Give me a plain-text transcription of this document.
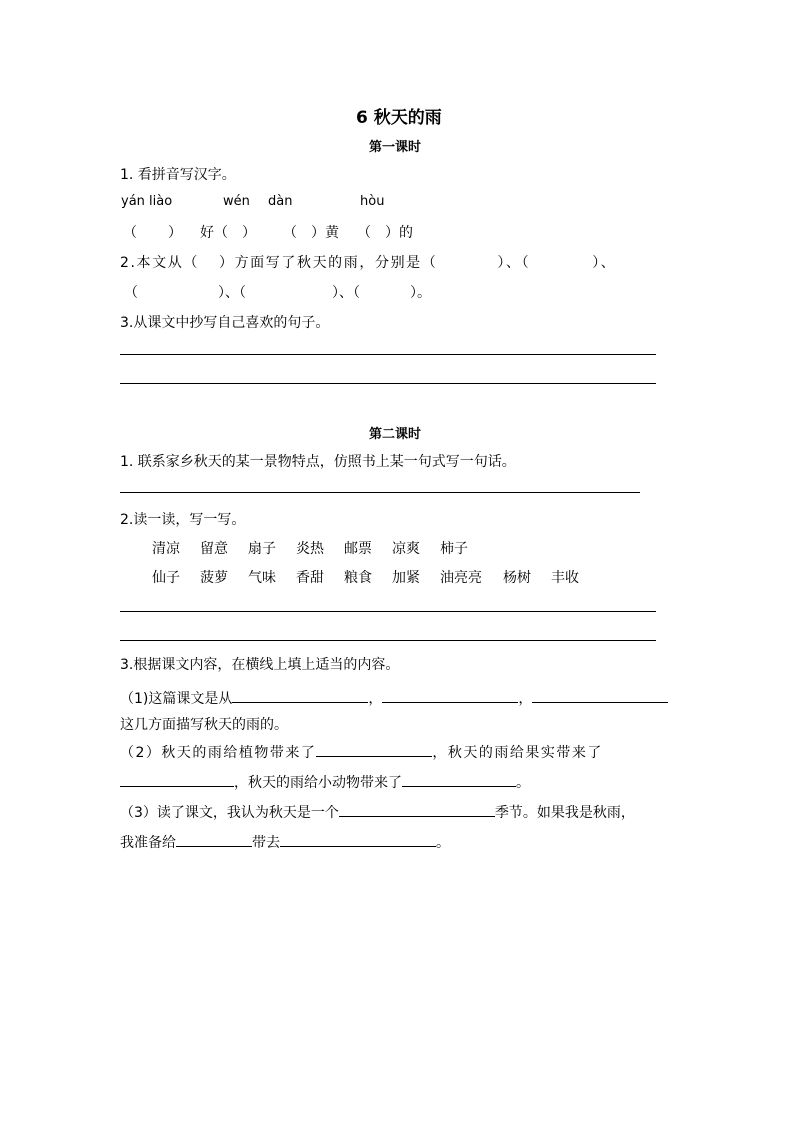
6 秋天的雨
第一课时
1. 看拼音写汉字。
yán liào	wén dàn	hòu
（　　） 好（　） （　）黄 （　）的
2.本文从（ ）方面写了秋天的雨，分别是（	）、（	）、
（	）、（	）、（	）。
3.从课文中抄写自己喜欢的句子。
第二课时
1. 联系家乡秋天的某一景物特点，仿照书上某一句式写一句话。
2.读一读，写一写。
清凉 留意 扇子 炎热 邮票 凉爽 柿子
仙子 菠萝 气味 香甜 粮食 加紧 油亮亮 杨树 丰收
3.根据课文内容，在横线上填上适当的内容。
（1)这篇课文是从	，	，
这几方面描写秋天的雨的。
（2）秋天的雨给植物带来了	，秋天的雨给果实带来了
，秋天的雨给小动物带来了	。
（3）读了课文，我认为秋天是一个	季节。如果我是秋雨，
我准备给	带去	。
